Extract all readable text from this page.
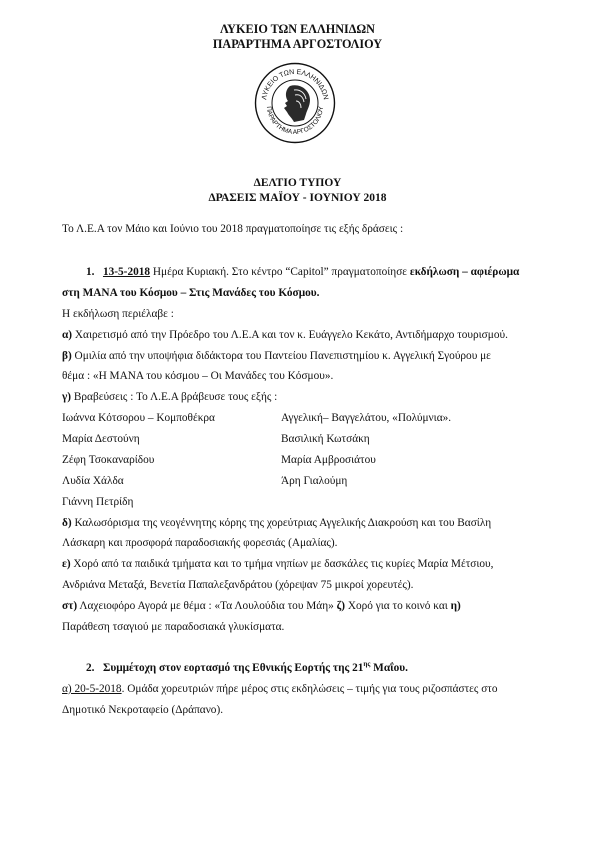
ΛΥΚΕΙΟ ΤΩΝ ΕΛΛΗΝΙΔΩΝ
ΠΑΡΑΡΤΗΜΑ ΑΡΓΟΣΤΟΛΙΟΥ
ΛΥΚΕΙΟ ΤΩΝ ΕΛΛΗΝΙΔΩΝ
ΠΑΡΑΡΤΗΜΑ ΑΡΓΟΣΤΟΛΙΟΥ
ΔΕΛΤΙΟ ΤΥΠΟΥ
ΔΡΑΣΕΙΣ ΜΑΪΟΥ - ΙΟΥΝΙΟΥ 2018
Το Λ.Ε.Α τον Μάιο και Ιούνιο του 2018 πραγματοποίησε τις εξής δράσεις :
1. 13-5-2018 Ημέρα Κυριακή. Στο κέντρο “Capitol” πραγματοποίησε εκδήλωση – αφιέρωμα
στη ΜΑΝΑ του Κόσμου – Στις Μανάδες του Κόσμου.
Η εκδήλωση περιέλαβε :
α) Χαιρετισμό από την Πρόεδρο του Λ.Ε.Α και τον κ. Ευάγγελο Κεκάτο, Αντιδήμαρχο τουρισμού.
β) Ομιλία από την υποψήφια διδάκτορα του Παντείου Πανεπιστημίου κ. Αγγελική Σγούρου με
θέμα : «Η ΜΑΝΑ του κόσμου – Οι Μανάδες του Κόσμου».
γ) Βραβεύσεις : Το Λ.Ε.Α βράβευσε τους εξής :
Ιωάννα Κότσορου – Κομποθέκρα
Μαρία Δεστούνη
Ζέφη Τσοκαναρίδου
Λυδία Χάλδα
Γιάννη Πετρίδη
Αγγελική– Βαγγελάτου, «Πολύμνια».
Βασιλική Κωτσάκη
Μαρία Αμβροσιάτου
Άρη Γιαλούμη
δ) Καλωσόρισμα της νεογέννητης κόρης της χορεύτριας Αγγελικής Διακρούση και του Βασίλη
Λάσκαρη και προσφορά παραδοσιακής φορεσιάς (Αμαλίας).
ε) Χορό από τα παιδικά τμήματα και το τμήμα νηπίων με δασκάλες τις κυρίες Μαρία Μέτσιου,
Ανδριάνα Μεταξά, Βενετία Παπαλεξανδράτου (χόρεψαν 75 μικροί χορευτές).
στ) Λαχειοφόρο Αγορά με θέμα : «Τα Λουλούδια του Μάη» ζ) Χορό για το κοινό και η)
Παράθεση τσαγιού με παραδοσιακά γλυκίσματα.
2. Συμμέτοχη στον εορτασμό της Εθνικής Εορτής της $21^{\eta\varsigma}$ Μαΐου.
α) 20-5-2018. Ομάδα χορευτριών πήρε μέρος στις εκδηλώσεις – τιμής για τους ριζοσπάστες στο
Δημοτικό Νεκροταφείο (Δράπανο).
